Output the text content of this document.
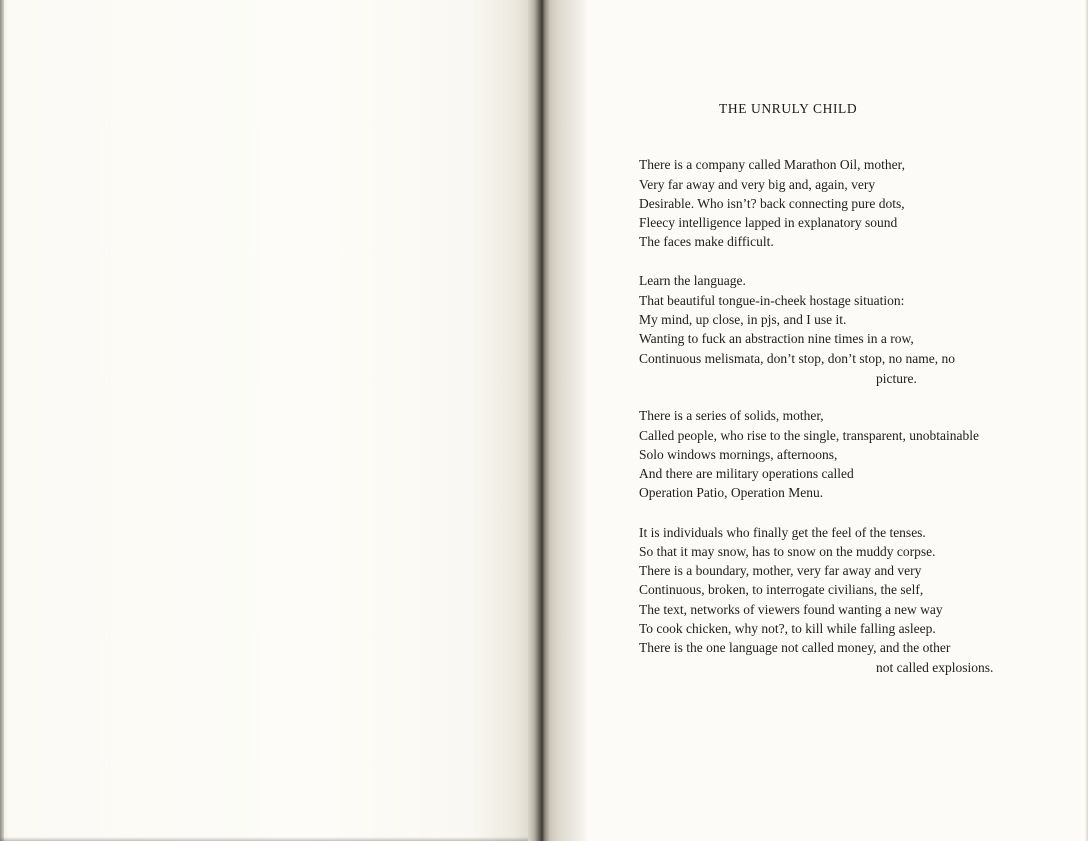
THE UNRULY CHILD
There is a company called Marathon Oil, mother,
Very far away and very big and, again, very
Desirable. Who isn’t? back connecting pure dots,
Fleecy intelligence lapped in explanatory sound
The faces make difficult.
Learn the language.
That beautiful tongue-in-cheek hostage situation:
My mind, up close, in pjs, and I use it.
Wanting to fuck an abstraction nine times in a row,
Continuous melismata, don’t stop, don’t stop, no name, no
picture.
There is a series of solids, mother,
Called people, who rise to the single, transparent, unobtainable
Solo windows mornings, afternoons,
And there are military operations called
Operation Patio, Operation Menu.
It is individuals who finally get the feel of the tenses.
So that it may snow, has to snow on the muddy corpse.
There is a boundary, mother, very far away and very
Continuous, broken, to interrogate civilians, the self,
The text, networks of viewers found wanting a new way
To cook chicken, why not?, to kill while falling asleep.
There is the one language not called money, and the other
not called explosions.
